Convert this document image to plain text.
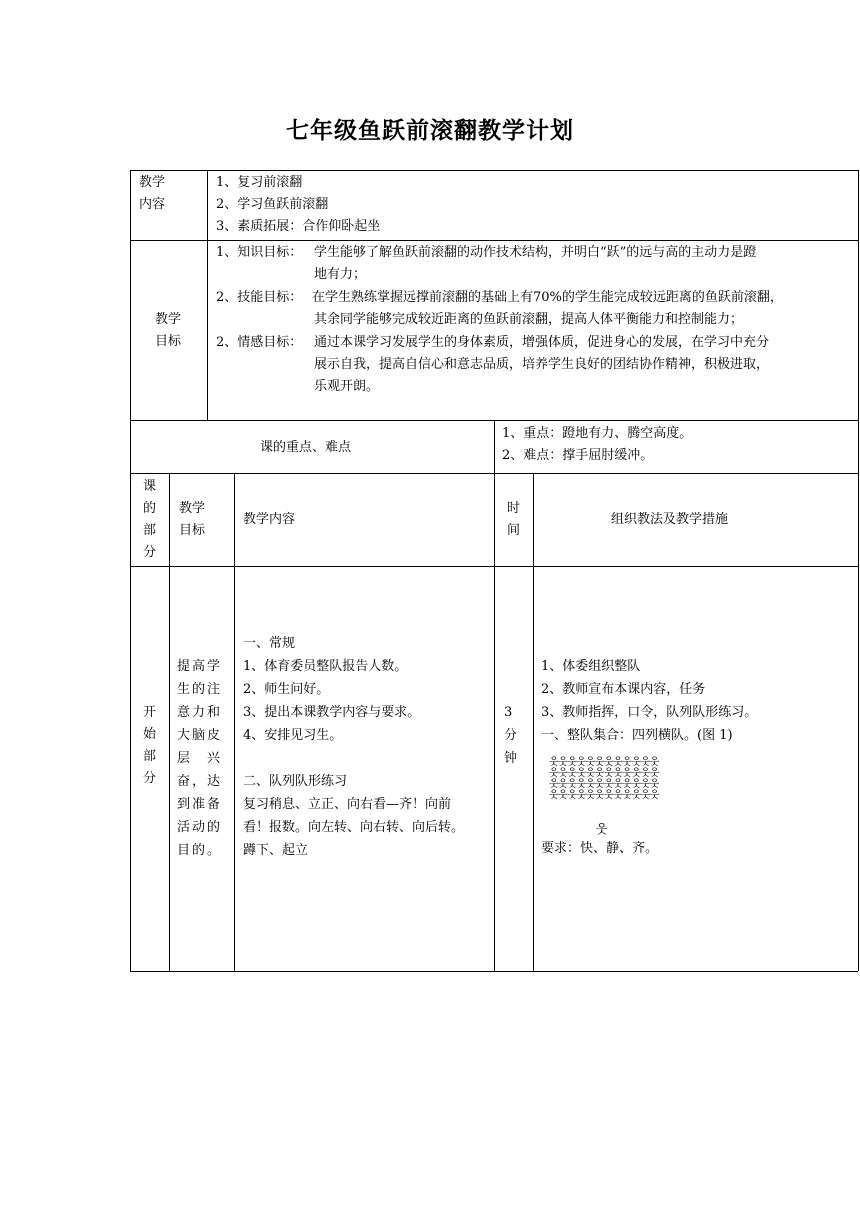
七年级鱼跃前滚翻教学计划
教学
内容
1、复习前滚翻
2、学习鱼跃前滚翻
3、素质拓展：合作仰卧起坐
教学
目标
1、知识目标： 学生能够了解鱼跃前滚翻的动作技术结构，并明白“跃”的远与高的主动力是蹬
地有力；
2、技能目标： 在学生熟练掌握远撑前滚翻的基础上有70%的学生能完成较远距离的鱼跃前滚翻，
其余同学能够完成较近距离的鱼跃前滚翻，提高人体平衡能力和控制能力；
2、情感目标： 通过本课学习发展学生的身体素质，增强体质，促进身心的发展，在学习中充分
展示自我，提高自信心和意志品质，培养学生良好的团结协作精神，积极进取，
乐观开朗。
课的重点、难点
1、重点：蹬地有力、腾空高度。
2、难点：撑手屈肘缓冲。
课
的
部
分
教学
目标
教学内容
时
间
组织教法及教学措施
开
始
部
分
提高学
生的注
意力和
大脑皮
层　兴
奋，达
到准备
活动的
目的。
一、常规
1、体育委员整队报告人数。
2、师生问好。
3、提出本课教学内容与要求。
4、安排见习生。
二、队列队形练习
复习稍息、立正、向右看—齐！向前
看！报数。向左转、向右转、向后转。
蹲下、起立
3
分
钟
1、体委组织整队
2、教师宣布本课内容，任务
3、教师指挥，口令，队列队形练习。
一、整队集合：四列横队。(图 1)
웃웃웃웃웃웃웃웃웃웃웃웃
웃웃웃웃웃웃웃웃웃웃웃웃
웃웃웃웃웃웃웃웃웃웃웃웃
웃웃웃웃웃웃웃웃웃웃웃웃
웃
要求：快、静、齐。
